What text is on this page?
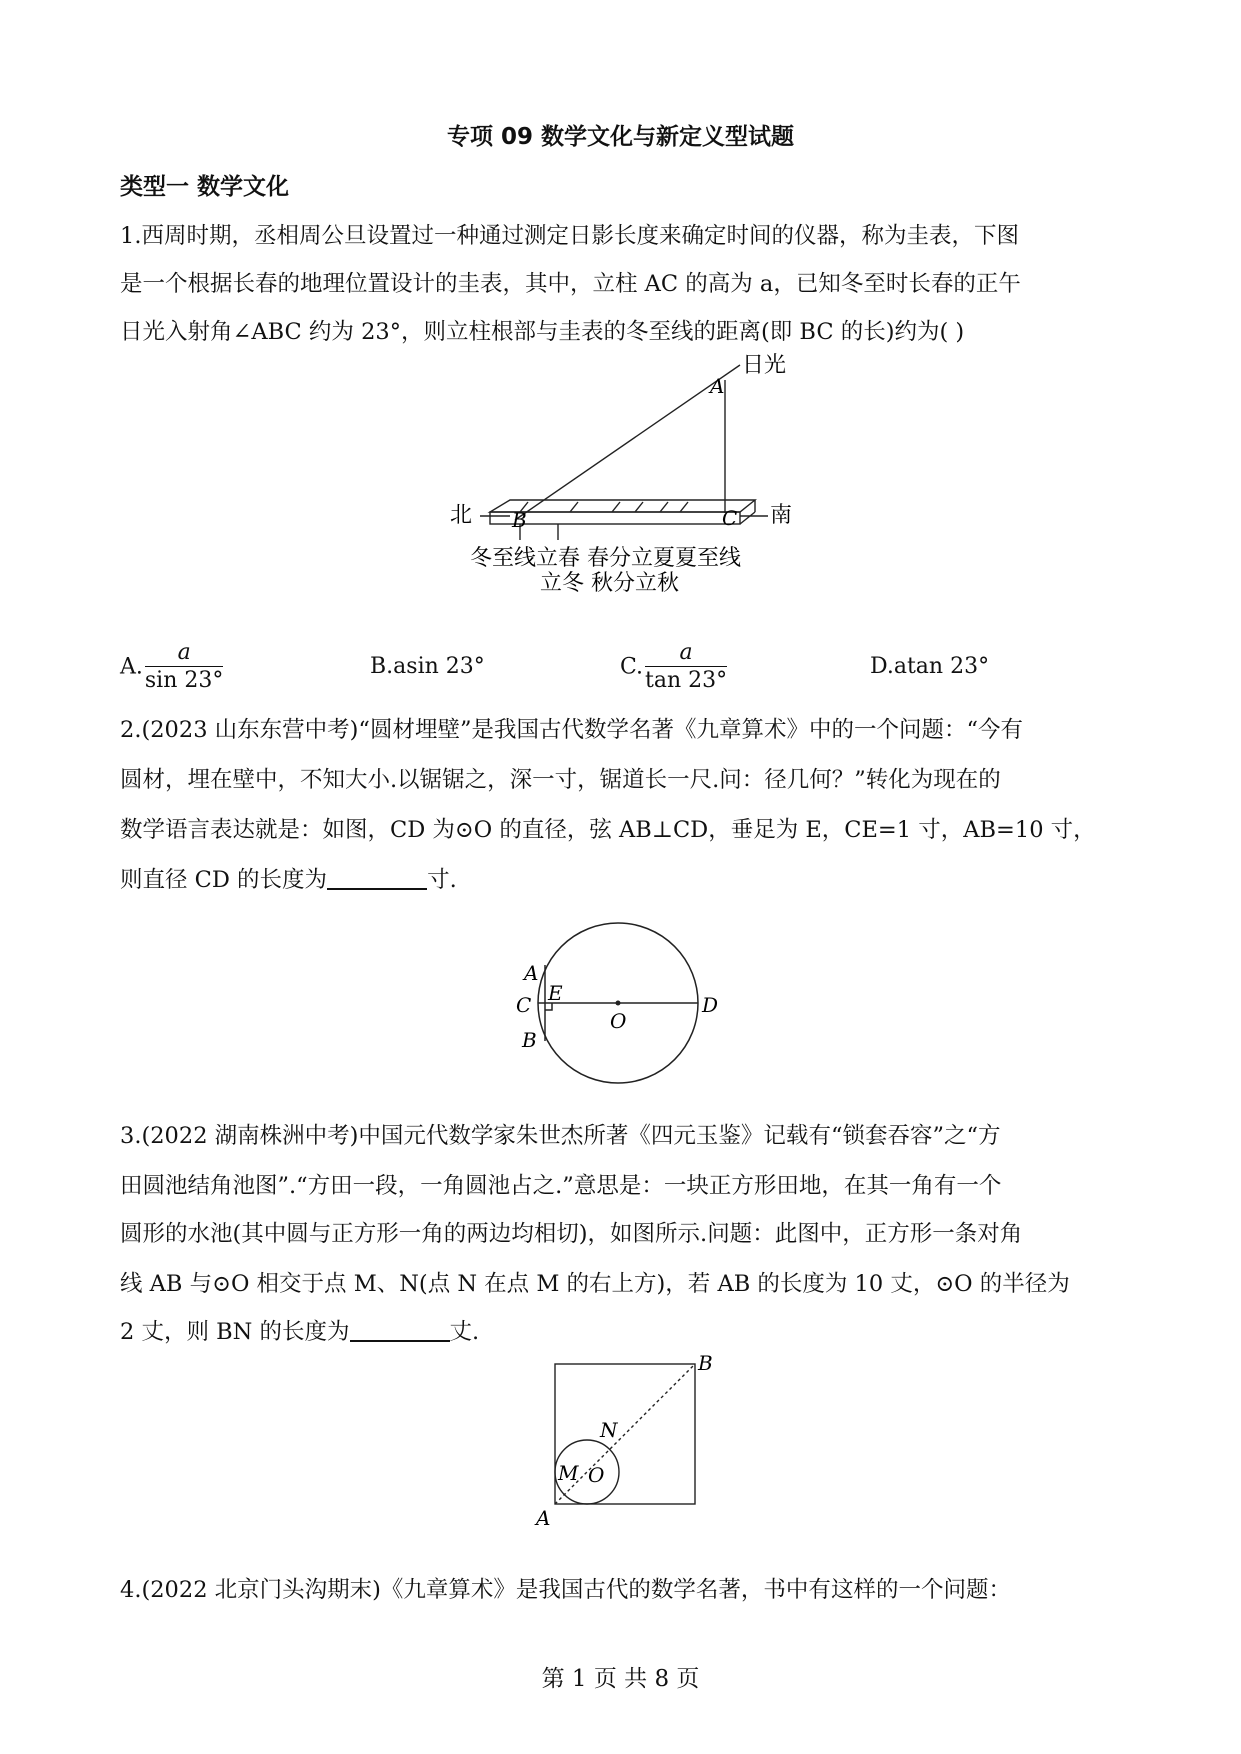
专项 09 数学文化与新定义型试题
类型一 数学文化
1.西周时期，丞相周公旦设置过一种通过测定日影长度来确定时间的仪器，称为圭表，下图
是一个根据长春的地理位置设计的圭表，其中，立柱 AC 的高为 a，已知冬至时长春的正午
日光入射角∠ABC 约为 23°，则立柱根部与圭表的冬至线的距离(即 BC 的长)约为( )
日光
A
B	C
北	南
冬至线立春 春分立夏夏至线
立冬 秋分立秋
A. $\frac{a}{\sin 23^\circ}$	B.asin 23°	C. $\frac{a}{\tan 23^\circ}$	D.atan 23°
2.(2023 山东东营中考)“圆材埋壁”是我国古代数学名著《九章算术》中的一个问题：“今有
圆材，埋在壁中，不知大小.以锯锯之，深一寸，锯道长一尺.问：径几何？”转化为现在的
数学语言表达就是：如图，CD 为⊙O 的直径，弦 AB⊥CD，垂足为 E，CE=1 寸，AB=10 寸，
则直径 CD 的长度为	寸.
A
C E
B
O
D
3.(2022 湖南株洲中考)中国元代数学家朱世杰所著《四元玉鉴》记载有“锁套吞容”之“方
田圆池结角池图”.“方田一段，一角圆池占之.”意思是：一块正方形田地，在其一角有一个
圆形的水池(其中圆与正方形一角的两边均相切)，如图所示.问题：此图中，正方形一条对角
线 AB 与⊙O 相交于点 M、N(点 N 在点 M 的右上方)，若 AB 的长度为 10 丈，⊙O 的半径为
2 丈，则 BN 的长度为	丈.
B
N
M O
A
4.(2022 北京门头沟期末)《九章算术》是我国古代的数学名著，书中有这样的一个问题：
第 1 页 共 8 页
